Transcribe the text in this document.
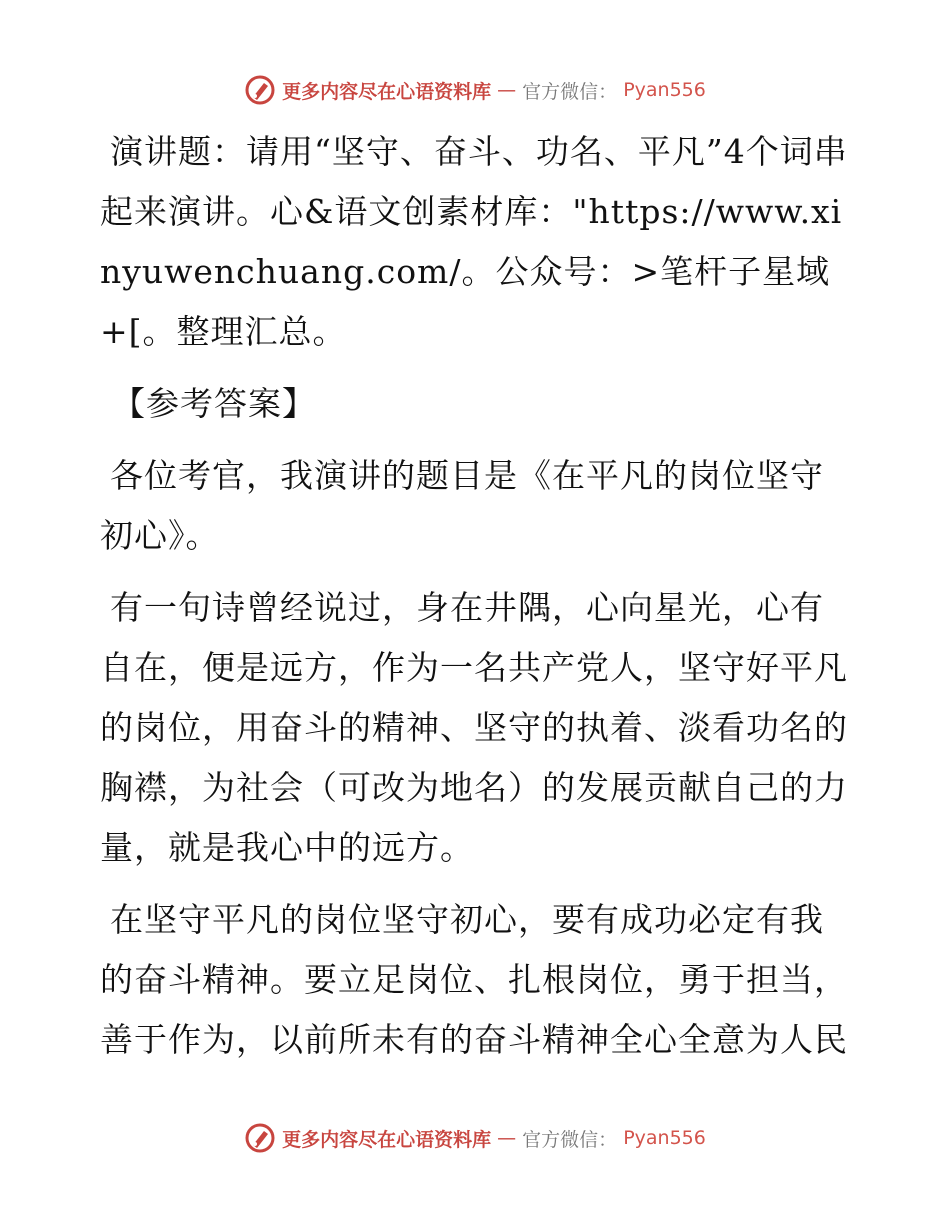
更多内容尽在心语资料库 — 官方微信： Pyan556

演讲题：请用“坚守、奋斗、功名、平凡”4个词串起来演讲。心&语文创素材库："https://www.xinyuwenchuang.com/。公众号：>笔杆子星域+[。整理汇总。

【参考答案】

各位考官，我演讲的题目是《在平凡的岗位坚守初心》。

有一句诗曾经说过，身在井隅，心向星光，心有自在，便是远方，作为一名共产党人，坚守好平凡的岗位，用奋斗的精神、坚守的执着、淡看功名的胸襟，为社会（可改为地名）的发展贡献自己的力量，就是我心中的远方。

在坚守平凡的岗位坚守初心，要有成功必定有我的奋斗精神。要立足岗位、扎根岗位，勇于担当，善于作为，以前所未有的奋斗精神全心全意为人民

更多内容尽在心语资料库 — 官方微信： Pyan556
